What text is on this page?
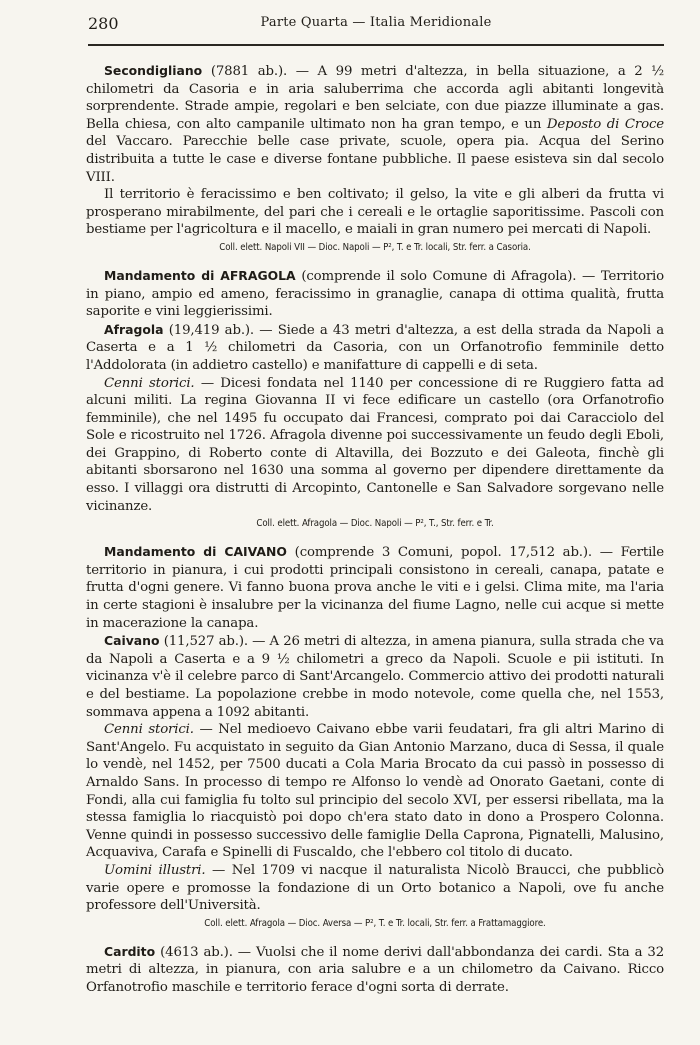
280	Parte Quarta — Italia Meridionale

Secondigliano (7881 ab.). — A 99 metri d'altezza, in bella situazione, a 2 ½ chilometri da Casoria e in aria saluberrima che accorda agli abitanti longevità sorprendente. Strade ampie, regolari e ben selciate, con due piazze illuminate a gas. Bella chiesa, con alto campanile ultimato non ha gran tempo, e un Deposto di Croce del Vaccaro. Parecchie belle case private, scuole, opera pia. Acqua del Serino distribuita a tutte le case e diverse fontane pubbliche. Il paese esisteva sin dal secolo VIII.

Il territorio è feracissimo e ben coltivato; il gelso, la vite e gli alberi da frutta vi prosperano mirabilmente, del pari che i cereali e le ortaglie saporitissime. Pascoli con bestiame per l'agricoltura e il macello, e maiali in gran numero pei mercati di Napoli.

Coll. elett. Napoli VII — Dioc. Napoli — P², T. e Tr. locali, Str. ferr. a Casoria.

Mandamento di AFRAGOLA (comprende il solo Comune di Afragola). — Territorio in piano, ampio ed ameno, feracissimo in granaglie, canapa di ottima qualità, frutta saporite e vini leggierissimi.

Afragola (19,419 ab.). — Siede a 43 metri d'altezza, a est della strada da Napoli a Caserta e a 1 ½ chilometri da Casoria, con un Orfanotrofio femminile detto l'Addolorata (in addietro castello) e manifatture di cappelli e di seta.

Cenni storici. — Dicesi fondata nel 1140 per concessione di re Ruggiero fatta ad alcuni militi. La regina Giovanna II vi fece edificare un castello (ora Orfanotrofio femminile), che nel 1495 fu occupato dai Francesi, comprato poi dai Caracciolo del Sole e ricostruito nel 1726. Afragola divenne poi successivamente un feudo degli Eboli, dei Grappino, di Roberto conte di Altavilla, dei Bozzuto e dei Galeota, finchè gli abitanti sborsarono nel 1630 una somma al governo per dipendere direttamente da esso. I villaggi ora distrutti di Arcopinto, Cantonelle e San Salvadore sorgevano nelle vicinanze.

Coll. elett. Afragola — Dioc. Napoli — P², T., Str. ferr. e Tr.

Mandamento di CAIVANO (comprende 3 Comuni, popol. 17,512 ab.). — Fertile territorio in pianura, i cui prodotti principali consistono in cereali, canapa, patate e frutta d'ogni genere. Vi fanno buona prova anche le viti e i gelsi. Clima mite, ma l'aria in certe stagioni è insalubre per la vicinanza del fiume Lagno, nelle cui acque si mette in macerazione la canapa.

Caivano (11,527 ab.). — A 26 metri di altezza, in amena pianura, sulla strada che va da Napoli a Caserta e a 9 ½ chilometri a greco da Napoli. Scuole e pii istituti. In vicinanza v'è il celebre parco di Sant'Arcangelo. Commercio attivo dei prodotti naturali e del bestiame. La popolazione crebbe in modo notevole, come quella che, nel 1553, sommava appena a 1092 abitanti.

Cenni storici. — Nel medioevo Caivano ebbe varii feudatari, fra gli altri Marino di Sant'Angelo. Fu acquistato in seguito da Gian Antonio Marzano, duca di Sessa, il quale lo vendè, nel 1452, per 7500 ducati a Cola Maria Brocato da cui passò in possesso di Arnaldo Sans. In processo di tempo re Alfonso lo vendè ad Onorato Gaetani, conte di Fondi, alla cui famiglia fu tolto sul principio del secolo XVI, per essersi ribellata, ma la stessa famiglia lo riacquistò poi dopo ch'era stato dato in dono a Prospero Colonna. Venne quindi in possesso successivo delle famiglie Della Caprona, Pignatelli, Malusino, Acquaviva, Carafa e Spinelli di Fuscaldo, che l'ebbero col titolo di ducato.

Uomini illustri. — Nel 1709 vi nacque il naturalista Nicolò Braucci, che pubblicò varie opere e promosse la fondazione di un Orto botanico a Napoli, ove fu anche professore dell'Università.

Coll. elett. Afragola — Dioc. Aversa — P², T. e Tr. locali, Str. ferr. a Frattamaggiore.

Cardito (4613 ab.). — Vuolsi che il nome derivi dall'abbondanza dei cardi. Sta a 32 metri di altezza, in pianura, con aria salubre e a un chilometro da Caivano. Ricco Orfanotrofio maschile e territorio ferace d'ogni sorta di derrate.
